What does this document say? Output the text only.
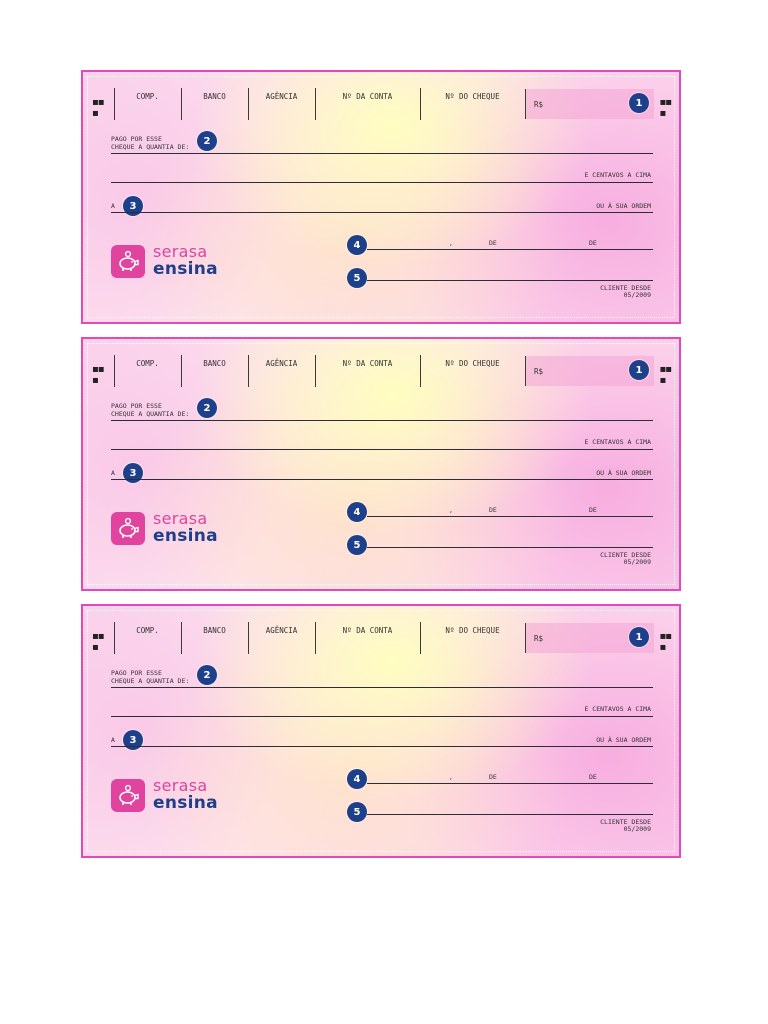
▪▪
▪
▪▪
▪
COMP.	BANCO	AGÊNCIA	Nº DA CONTA	Nº DO CHEQUE
R$	1
PAGO POR ESSE
CHEQUE A QUANTIA DE:
2
E CENTAVOS A CIMA
A	3	OU À SUA ORDEM
serasa
ensina
4	,	DE	DE
5
CLIENTE DESDE
05/2009
▪▪
▪
▪▪
▪
COMP.	BANCO	AGÊNCIA	Nº DA CONTA	Nº DO CHEQUE
R$	1
PAGO POR ESSE
CHEQUE A QUANTIA DE:
2
E CENTAVOS A CIMA
A	3	OU À SUA ORDEM
serasa
ensina
4	,	DE	DE
5
CLIENTE DESDE
05/2009
▪▪
▪
▪▪
▪
COMP.	BANCO	AGÊNCIA	Nº DA CONTA	Nº DO CHEQUE
R$	1
PAGO POR ESSE
CHEQUE A QUANTIA DE:
2
E CENTAVOS A CIMA
A	3	OU À SUA ORDEM
serasa
ensina
4	,	DE	DE
5
CLIENTE DESDE
05/2009
